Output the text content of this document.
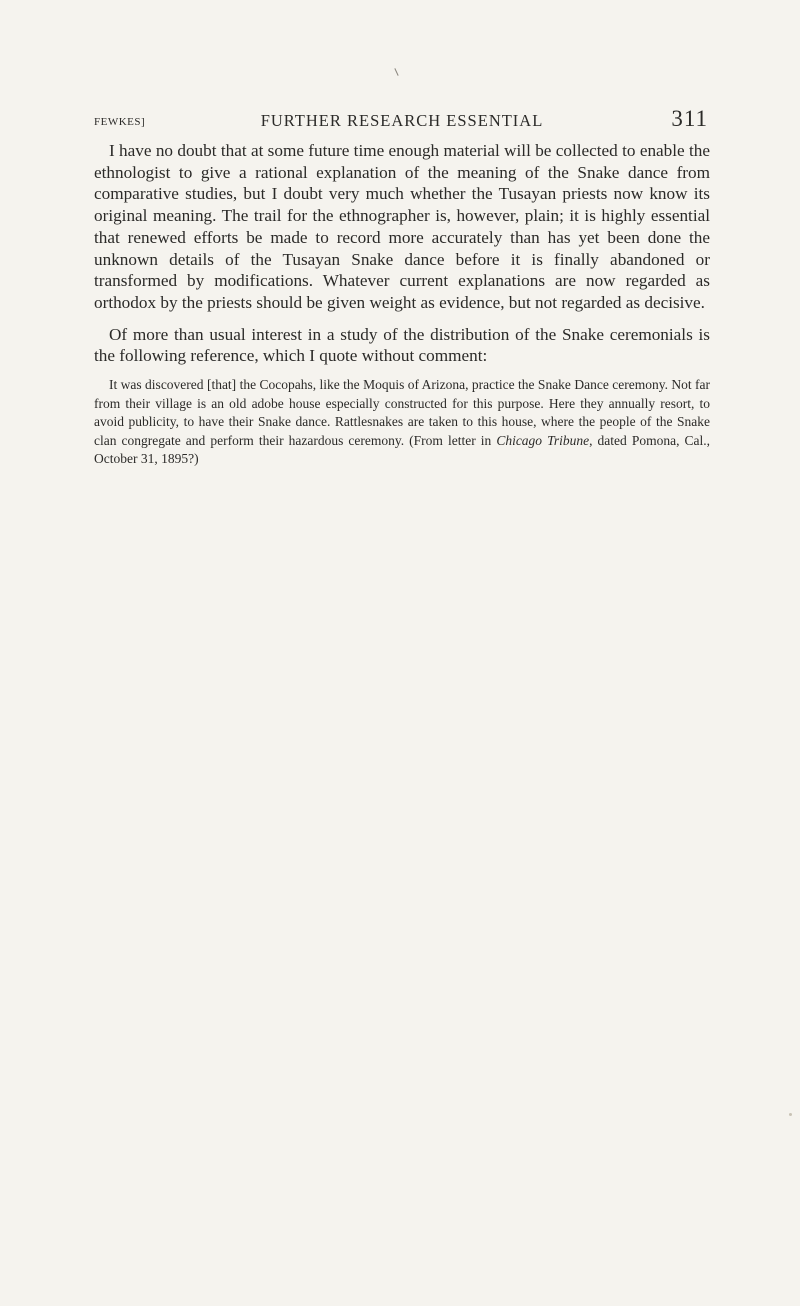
FEWKES]	FURTHER RESEARCH ESSENTIAL	311

I have no doubt that at some future time enough material will be collected to enable the ethnologist to give a rational explanation of the meaning of the Snake dance from comparative studies, but I doubt very much whether the Tusayan priests now know its original meaning. The trail for the ethnographer is, however, plain; it is highly essential that renewed efforts be made to record more accurately than has yet been done the unknown details of the Tusayan Snake dance before it is finally abandoned or transformed by modifications. Whatever current explanations are now regarded as orthodox by the priests should be given weight as evidence, but not regarded as decisive.

Of more than usual interest in a study of the distribution of the Snake ceremonials is the following reference, which I quote without comment:

It was discovered [that] the Cocopahs, like the Moquis of Arizona, practice the Snake Dance ceremony. Not far from their village is an old adobe house especially constructed for this purpose. Here they annually resort, to avoid publicity, to have their Snake dance. Rattlesnakes are taken to this house, where the people of the Snake clan congregate and perform their hazardous ceremony. (From letter in Chicago Tribune, dated Pomona, Cal., October 31, 1895?)
